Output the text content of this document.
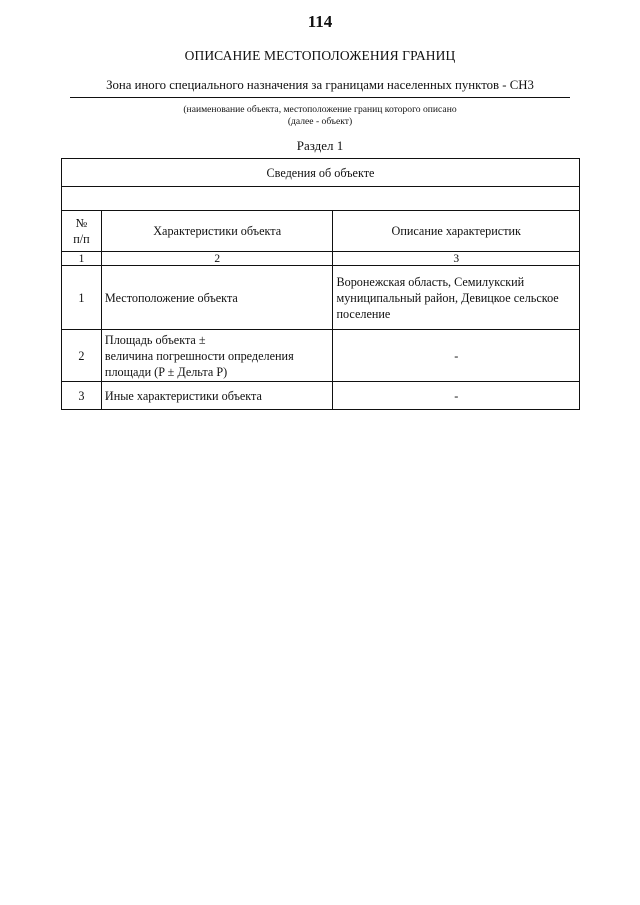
114
ОПИСАНИЕ МЕСТОПОЛОЖЕНИЯ ГРАНИЦ
Зона иного специального назначения за границами населенных пунктов - СН3
(наименование объекта, местоположение границ которого описано
(далее - объект)
Раздел 1
Сведения об объекте		

№
п/п	Характеристики объекта	Описание характеристик
1	2	3
1	Местоположение объекта	Воронежская область, Семилукский
муниципальный район, Девицкое сельское
поселение

2	Площадь объекта ±
величина погрешности определения
площади (P ± Дельта P)	-

3	Иные характеристики объекта	-
